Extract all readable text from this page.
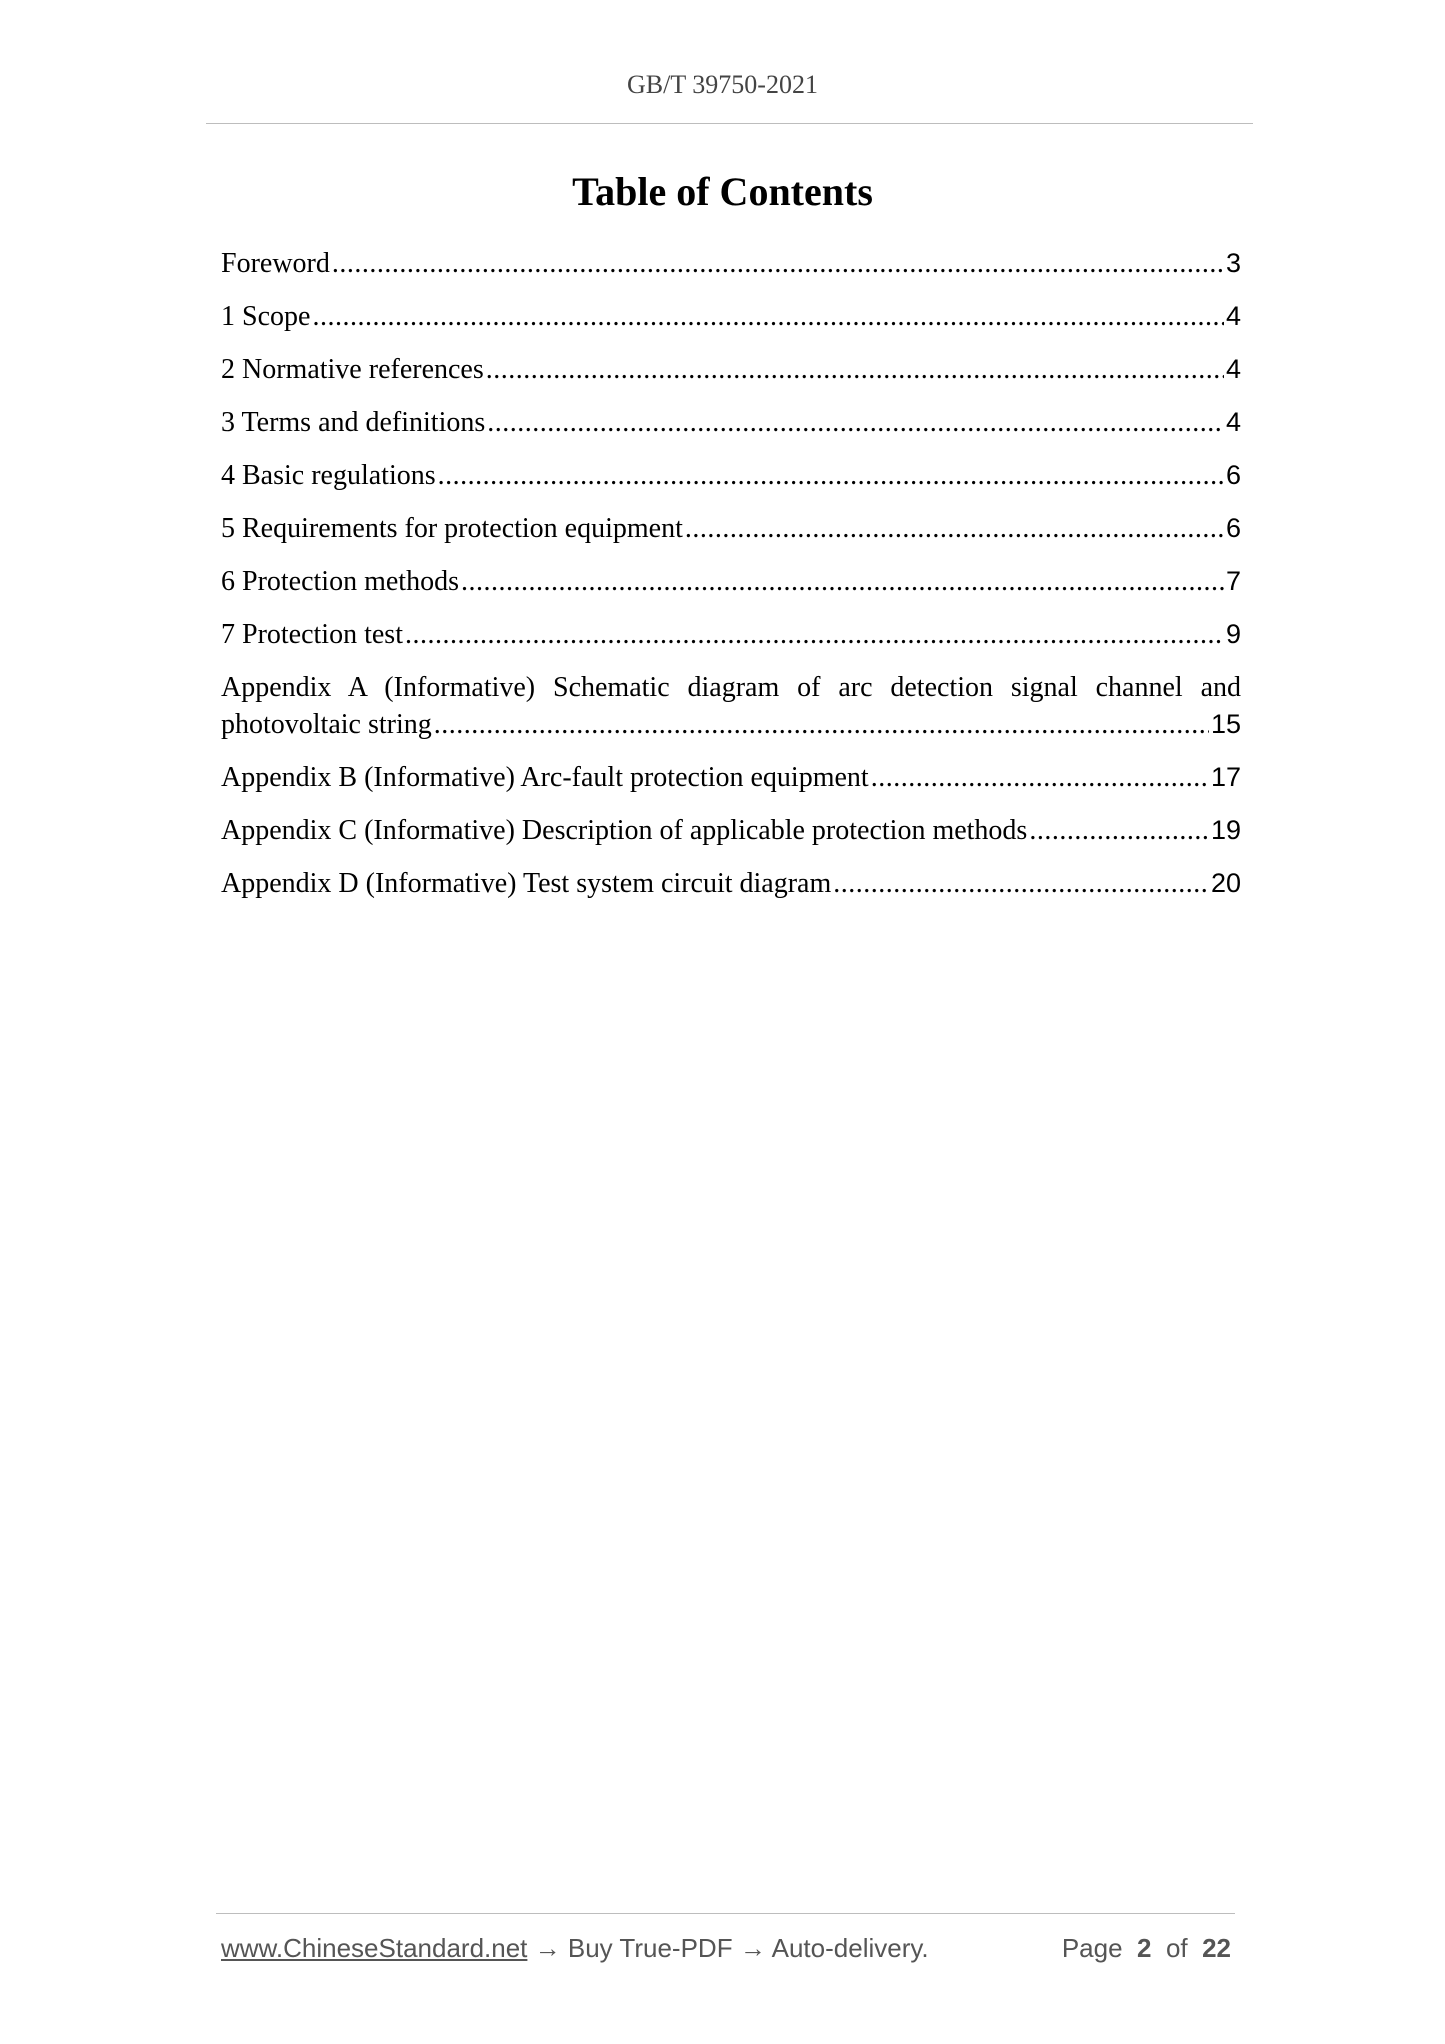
GB/T 39750-2021
Table of Contents
Foreword .....	3
1 Scope .....	4
2 Normative references .....	4
3 Terms and definitions .....	4
4 Basic regulations .....	6
5 Requirements for protection equipment .....	6
6 Protection methods .....	7
7 Protection test .....	9
Appendix A (Informative) Schematic diagram of arc detection signal channel and
photovoltaic string .....	15
Appendix B (Informative) Arc-fault protection equipment .....	17
Appendix C (Informative) Description of applicable protection methods .....	19
Appendix D (Informative) Test system circuit diagram .....	20
www.ChineseStandard.net → Buy True-PDF → Auto-delivery.	Page 2 of 22
